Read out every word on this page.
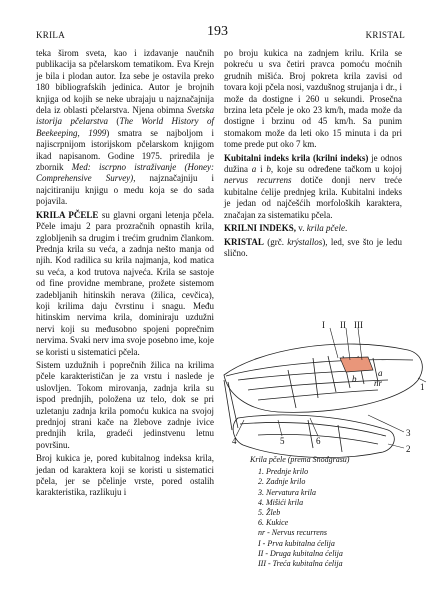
KRILA	193	KRISTAL

teka širom sveta, kao i izdavanje naučnih publikacija sa pčelarskom tematikom. Eva Krejn je bila i plodan autor. Iza sebe je ostavila preko 180 bibliografskih jedinica. Autor je brojnih knjiga od kojih se neke ubrajaju u najznačajnija dela iz oblasti pčelarstva. Njena obimna Svetska istorija pčelarstva (The World History of Beekeeping, 1999) smatra se najboljom i najiscrpnijom istorijskom pčelarskom knjigom ikad napisanom. Godine 1975. priredila je zbornik Med: iscrpno istraživanje (Honey: Comprehensive Survey), najznačajniju i najcitiraniju knjigu o medu koja se do sada pojavila.

KRILA PČELE su glavni organi letenja pčela. Pčele imaju 2 para prozračnih opnastih krila, zglobljenih sa drugim i trećim grudnim člankom. Prednja krila su veća, a zadnja nešto manja od njih. Kod radilica su krila najmanja, kod matica su veća, a kod trutova najveća. Krila se sastoje od fine providne membrane, prožete sistemom zadebljanih hitinskih nerava (žilica, cevčica), koji krilima daju čvrstinu i snagu. Među hitinskim nervima krila, dominiraju uzdužni nervi koji su međusobno spojeni poprečnim nervima. Svaki nerv ima svoje posebno ime, koje se koristi u sistematici pčela.

Sistem uzdužnih i poprečnih žilica na krilima pčele karakterističan je za vrstu i naslede je uslovljen. Tokom mirovanja, zadnja krila su ispod prednjih, položena uz telo, dok se pri uzletanju zadnja krila pomoću kukica na svojoj prednjoj strani kače na žlebove zadnje ivice prednjih krila, gradeći jedinstvenu letnu površinu.

Broj kukica je, pored kubitalnog indeksa krila, jedan od karaktera koji se koristi u sistematici pčela, jer se pčelinje vrste, pored ostalih karakteristika, razlikuju i

po broju kukica na zadnjem krilu. Krila se pokreću u sva četiri pravca pomoću moćnih grudnih mišića. Broj pokreta krila zavisi od tovara koji pčela nosi, vazdušnog strujanja i dr., i može da dostigne i 260 u sekundi. Prosečna brzina leta pčele je oko 23 km/h, mada može da dostigne i brzinu od 45 km/h. Sa punim stomakom može da leti oko 15 minuta i da pri tome prede put oko 7 km.

Kubitalni indeks krila (krilni indeks) je odnos dužina a i b, koje su određene tačkom u kojoj nervus recurrens dotiče donji nerv treće kubitalne ćelije prednjeg krila. Kubitalni indeks je jedan od najčešćih morfoloških karaktera, značajan za sistematiku pčela.

KRILNI INDEKS, v. krila pčele.

KRISTAL (grč. krýstallos), led, sve što je ledu slično.

I II III
b
a
nr	1
2
3
4	5	6
Krila pčele (prema Snodgrasu)
1. Prednje krilo
2. Zadnje krilo
3. Nervatura krila
4. Mišići krila
5. Žleb
6. Kukice
nr - Nervus recurrens
I - Prva kubitalna ćelija
II - Druga kubitalna ćelija
III - Treća kubitalna ćelija
